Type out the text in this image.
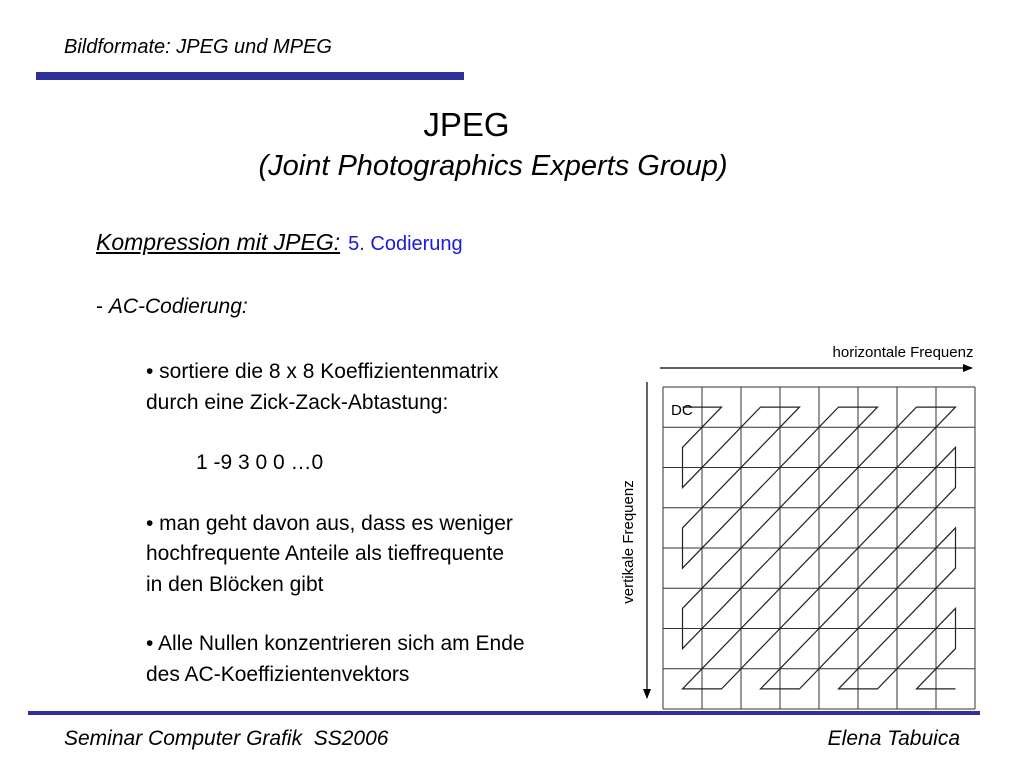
Bildformate: JPEG und MPEG
JPEG
(Joint Photographics Experts Group)
Kompression mit JPEG: 5. Codierung
- AC-Codierung:

• sortiere die 8 x 8 Koeffizientenmatrix

durch eine Zick-Zack-Abtastung:

1 -9 3 0 0 …0

• man geht davon aus, dass es weniger

hochfrequente Anteile als tieffrequente

in den Blöcken gibt

• Alle Nullen konzentrieren sich am Ende

des AC-Koeffizientenvektors

horizontale Frequenz
vertikale Frequenz
DC
Seminar Computer Grafik  SS2006	Elena Tabuica
